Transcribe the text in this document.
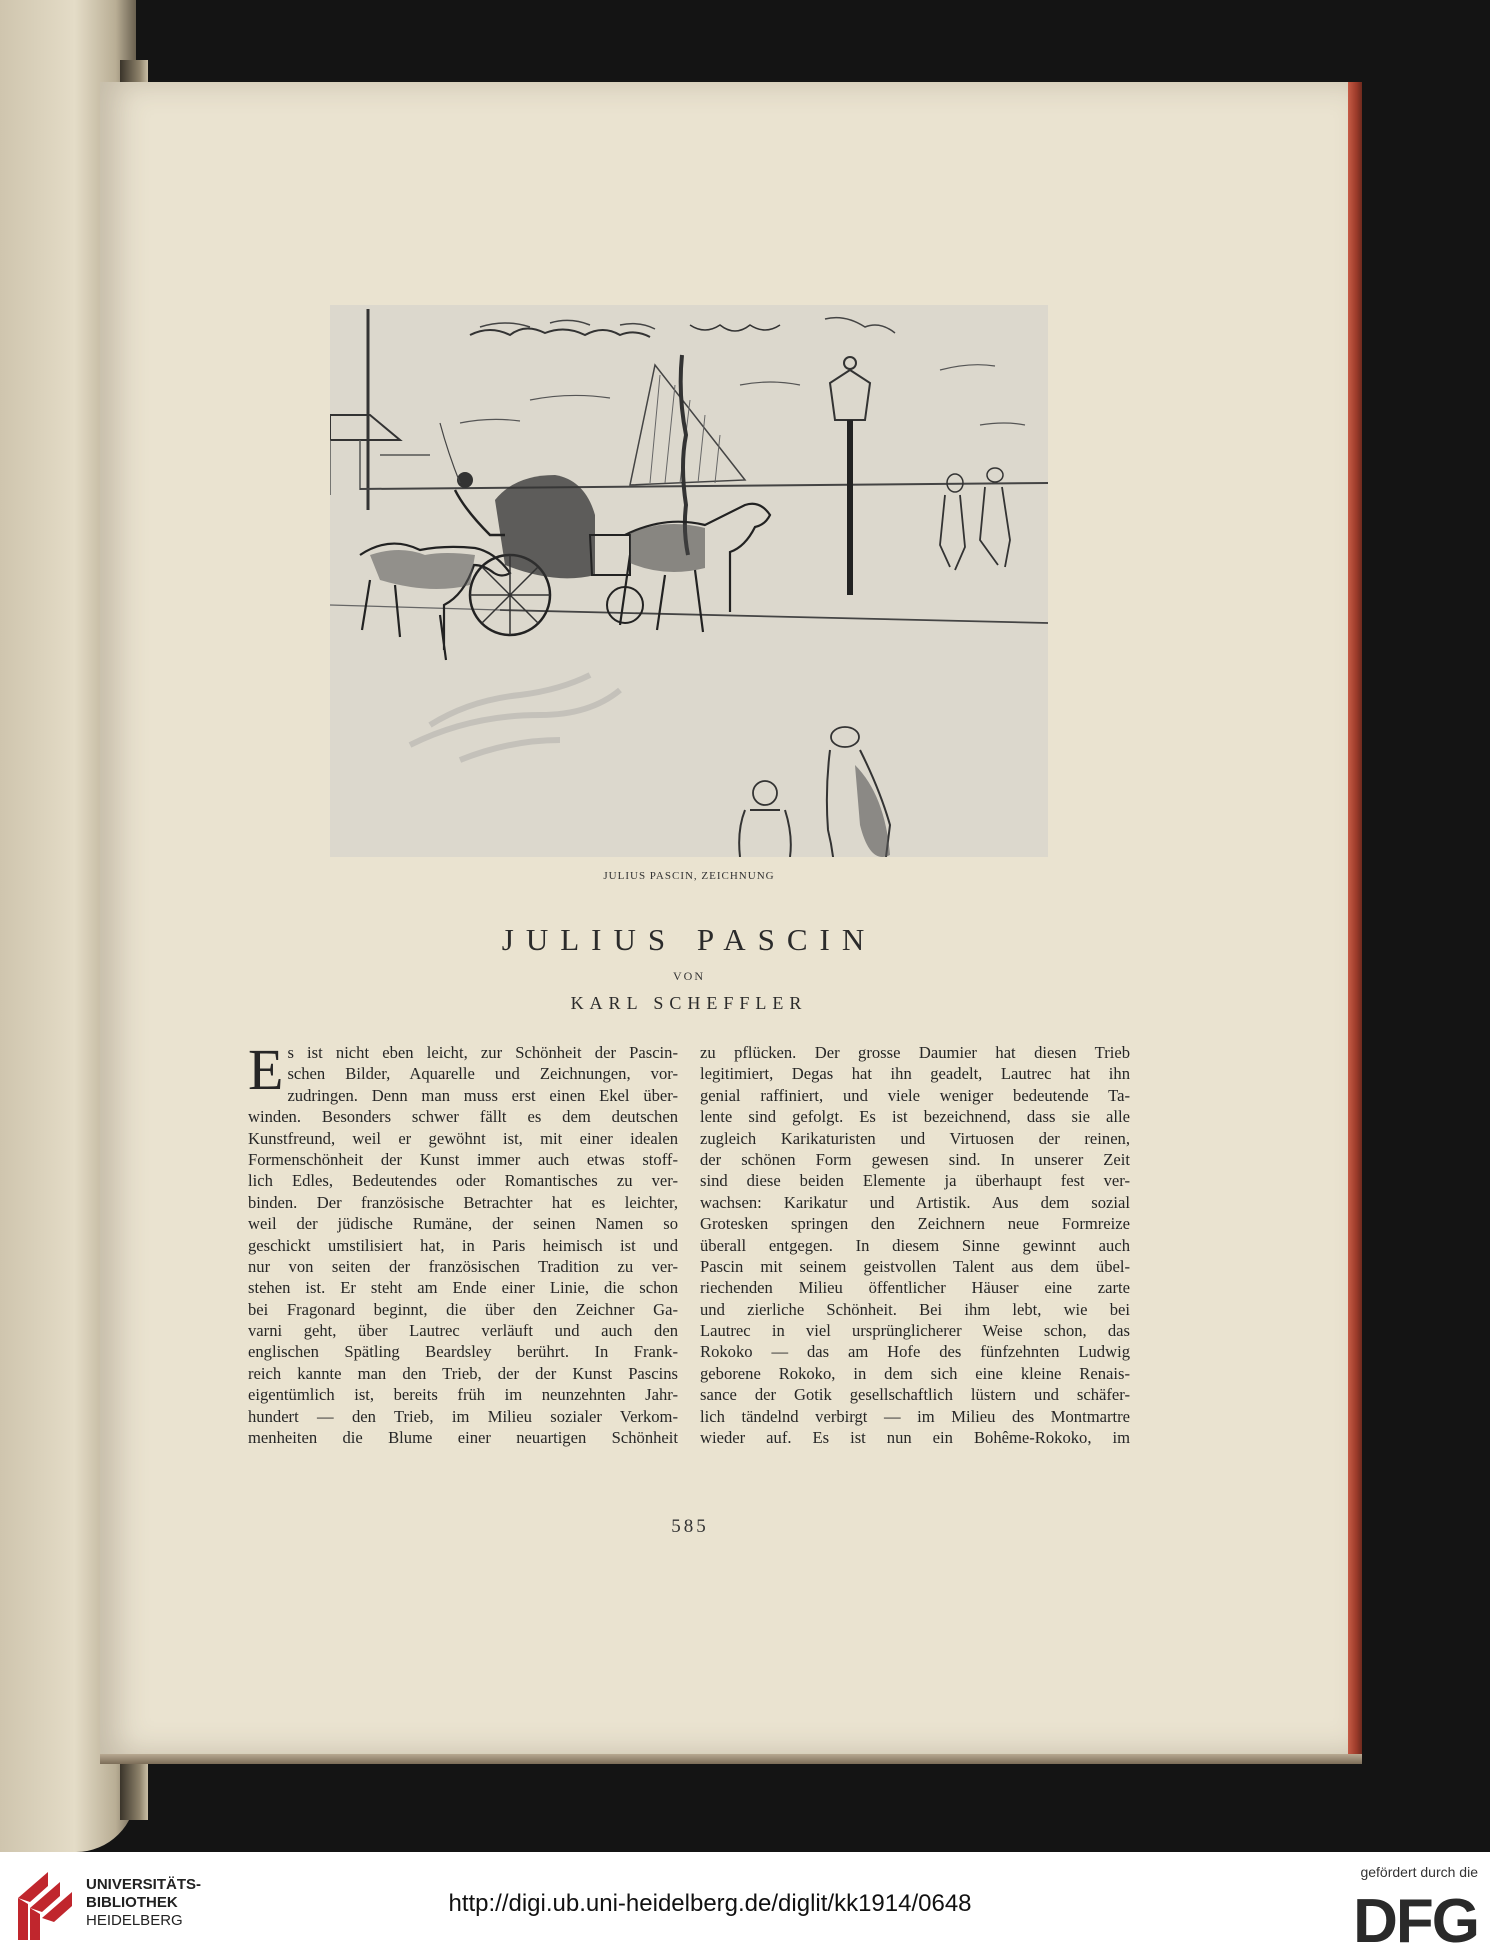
JULIUS PASCIN, ZEICHNUNG
JULIUS PASCIN
VON
KARL SCHEFFLER
E s ist nicht eben leicht, zur Schönheit der Pascin-
schen Bilder, Aquarelle und Zeichnungen, vor-
zudringen. Denn man muss erst einen Ekel über-
winden. Besonders schwer fällt es dem deutschen
Kunstfreund, weil er gewöhnt ist, mit einer idealen
Formenschönheit der Kunst immer auch etwas stoff-
lich Edles, Bedeutendes oder Romantisches zu ver-
binden. Der französische Betrachter hat es leichter,
weil der jüdische Rumäne, der seinen Namen so
geschickt umstilisiert hat, in Paris heimisch ist und
nur von seiten der französischen Tradition zu ver-
stehen ist. Er steht am Ende einer Linie, die schon
bei Fragonard beginnt, die über den Zeichner Ga-
varni geht, über Lautrec verläuft und auch den
englischen Spätling Beardsley berührt. In Frank-
reich kannte man den Trieb, der der Kunst Pascins
eigentümlich ist, bereits früh im neunzehnten Jahr-
hundert — den Trieb, im Milieu sozialer Verkom-
menheiten die Blume einer neuartigen Schönheit
zu pflücken. Der grosse Daumier hat diesen Trieb
legitimiert, Degas hat ihn geadelt, Lautrec hat ihn
genial raffiniert, und viele weniger bedeutende Ta-
lente sind gefolgt. Es ist bezeichnend, dass sie alle
zugleich Karikaturisten und Virtuosen der reinen,
der schönen Form gewesen sind. In unserer Zeit
sind diese beiden Elemente ja überhaupt fest ver-
wachsen: Karikatur und Artistik. Aus dem sozial
Grotesken springen den Zeichnern neue Formreize
überall entgegen. In diesem Sinne gewinnt auch
Pascin mit seinem geistvollen Talent aus dem übel-
riechenden Milieu öffentlicher Häuser eine zarte
und zierliche Schönheit. Bei ihm lebt, wie bei
Lautrec in viel ursprünglicherer Weise schon, das
Rokoko — das am Hofe des fünfzehnten Ludwig
geborene Rokoko, in dem sich eine kleine Renais-
sance der Gotik gesellschaftlich lüstern und schäfer-
lich tändelnd verbirgt — im Milieu des Montmartre
wieder auf. Es ist nun ein Bohême-Rokoko, im
585
UNIVERSITÄTS-
BIBLIOTHEK
HEIDELBERG
http://digi.ub.uni-heidelberg.de/diglit/kk1914/0648
gefördert durch die
DFG
